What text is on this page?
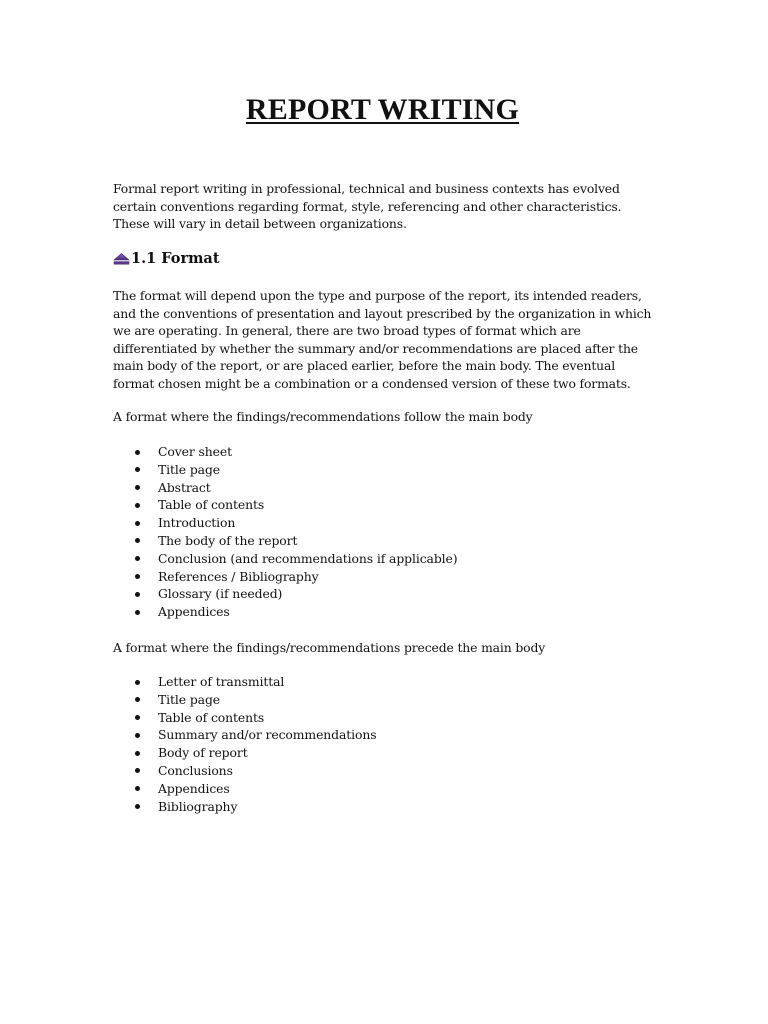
REPORT WRITING

Formal report writing in professional, technical and business contexts has evolved certain conventions regarding format, style, referencing and other characteristics. These will vary in detail between organizations.

1.1 Format

The format will depend upon the type and purpose of the report, its intended readers, and the conventions of presentation and layout prescribed by the organization in which we are operating. In general, there are two broad types of format which are differentiated by whether the summary and/or recommendations are placed after the main body of the report, or are placed earlier, before the main body. The eventual format chosen might be a combination or a condensed version of these two formats.

A format where the findings/recommendations follow the main body

Cover sheet
Title page
Abstract
Table of contents
Introduction
The body of the report
Conclusion (and recommendations if applicable)
References / Bibliography
Glossary (if needed)
Appendices

A format where the findings/recommendations precede the main body

Letter of transmittal
Title page
Table of contents
Summary and/or recommendations
Body of report
Conclusions
Appendices
Bibliography
